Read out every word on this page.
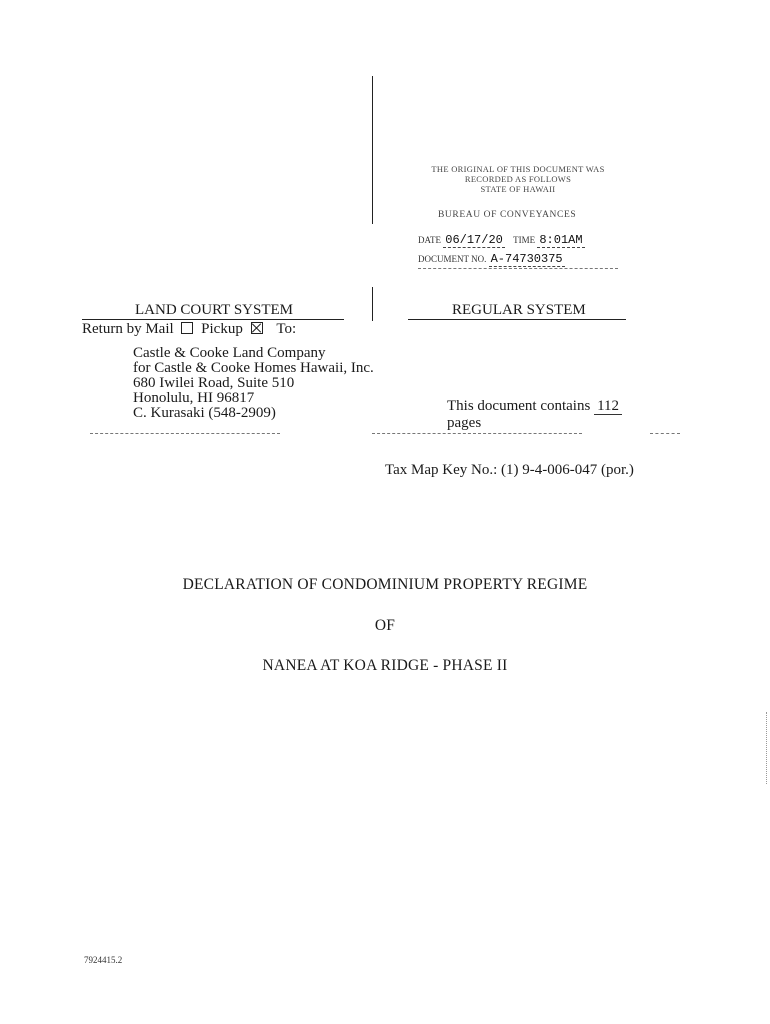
THE ORIGINAL OF THIS DOCUMENT WAS
RECORDED AS FOLLOWS
STATE OF HAWAII
BUREAU OF CONVEYANCES
DATE 06/17/20 TIME 8:01AM
DOCUMENT NO. A-74730375
LAND COURT SYSTEM	REGULAR SYSTEM
Return by Mail Pickup To:
Castle & Cooke Land Company
for Castle & Cooke Homes Hawaii, Inc.
680 Iwilei Road, Suite 510
Honolulu, HI 96817
C. Kurasaki (548-2909)	This document contains 112
pages
Tax Map Key No.: (1) 9-4-006-047 (por.)
DECLARATION OF CONDOMINIUM PROPERTY REGIME
OF
NANEA AT KOA RIDGE - PHASE II
7924415.2
